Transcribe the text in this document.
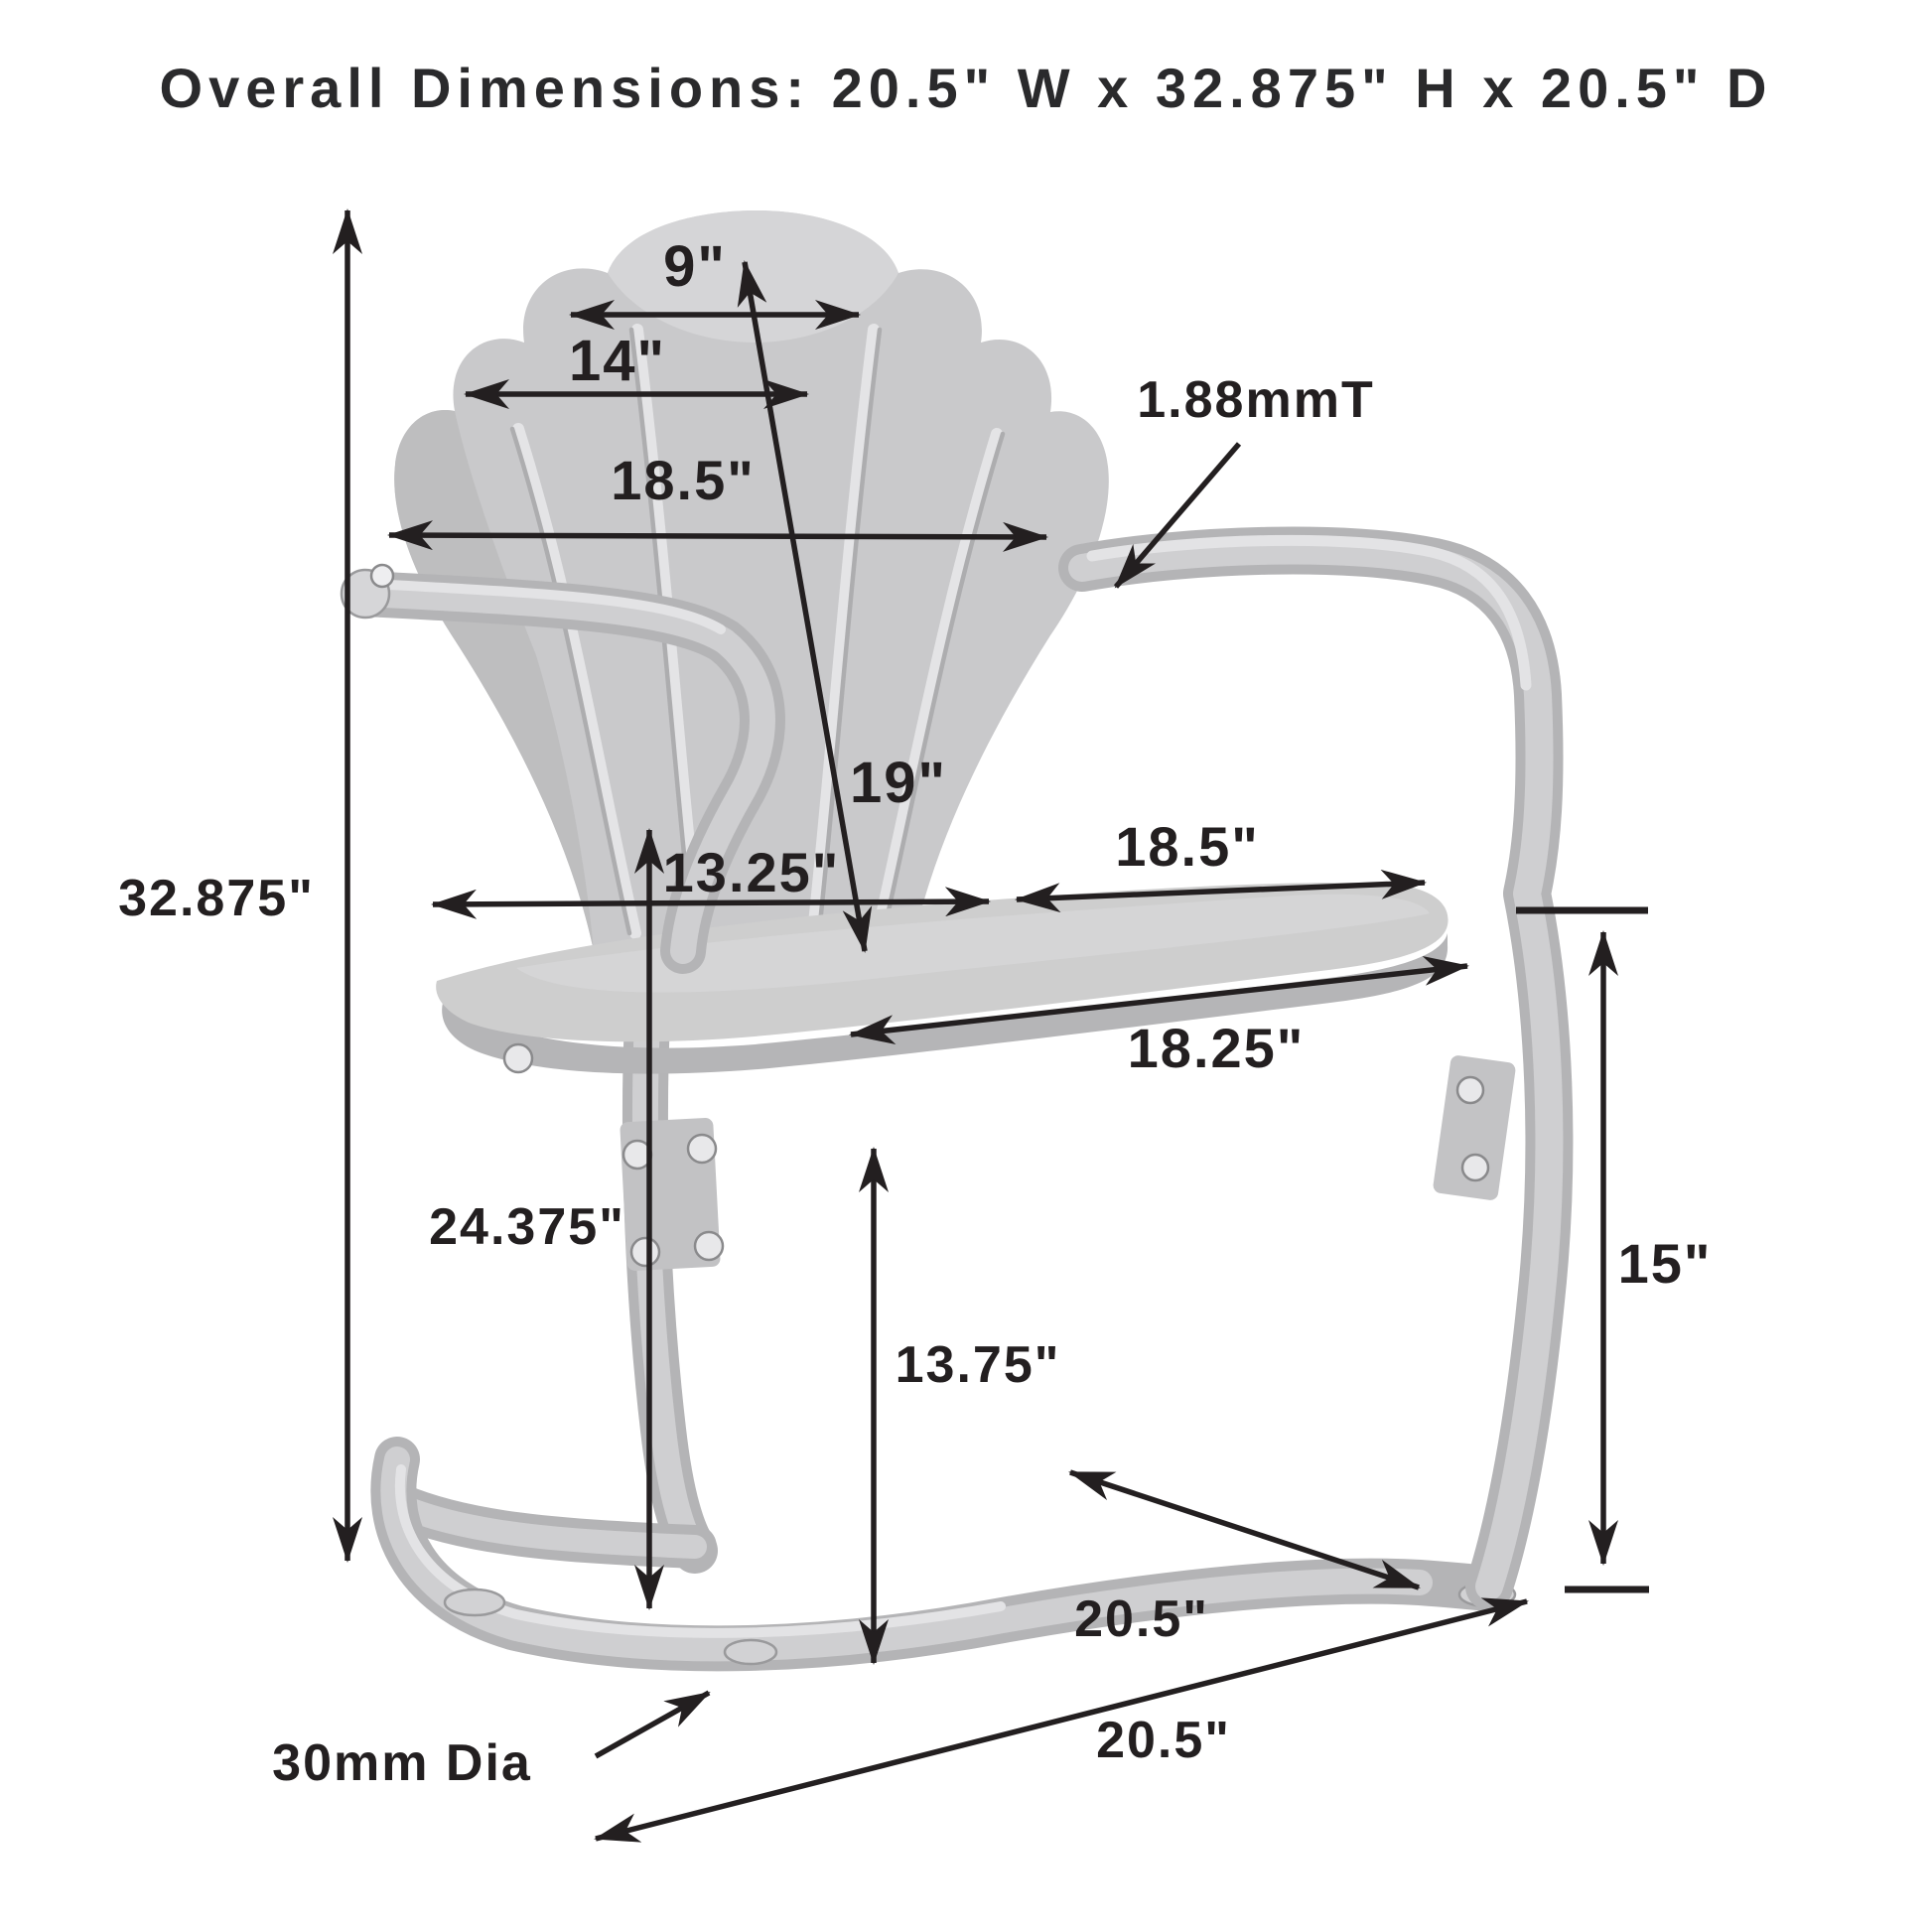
Overall Dimensions: 20.5" W x 32.875" H x 20.5" D
32.875"
9"
14"
18.5"
19"
13.25"	18.5"
18.25"
24.375"
13.75"
15"
20.5"
20.5"
1.88mmT
30mm Dia
